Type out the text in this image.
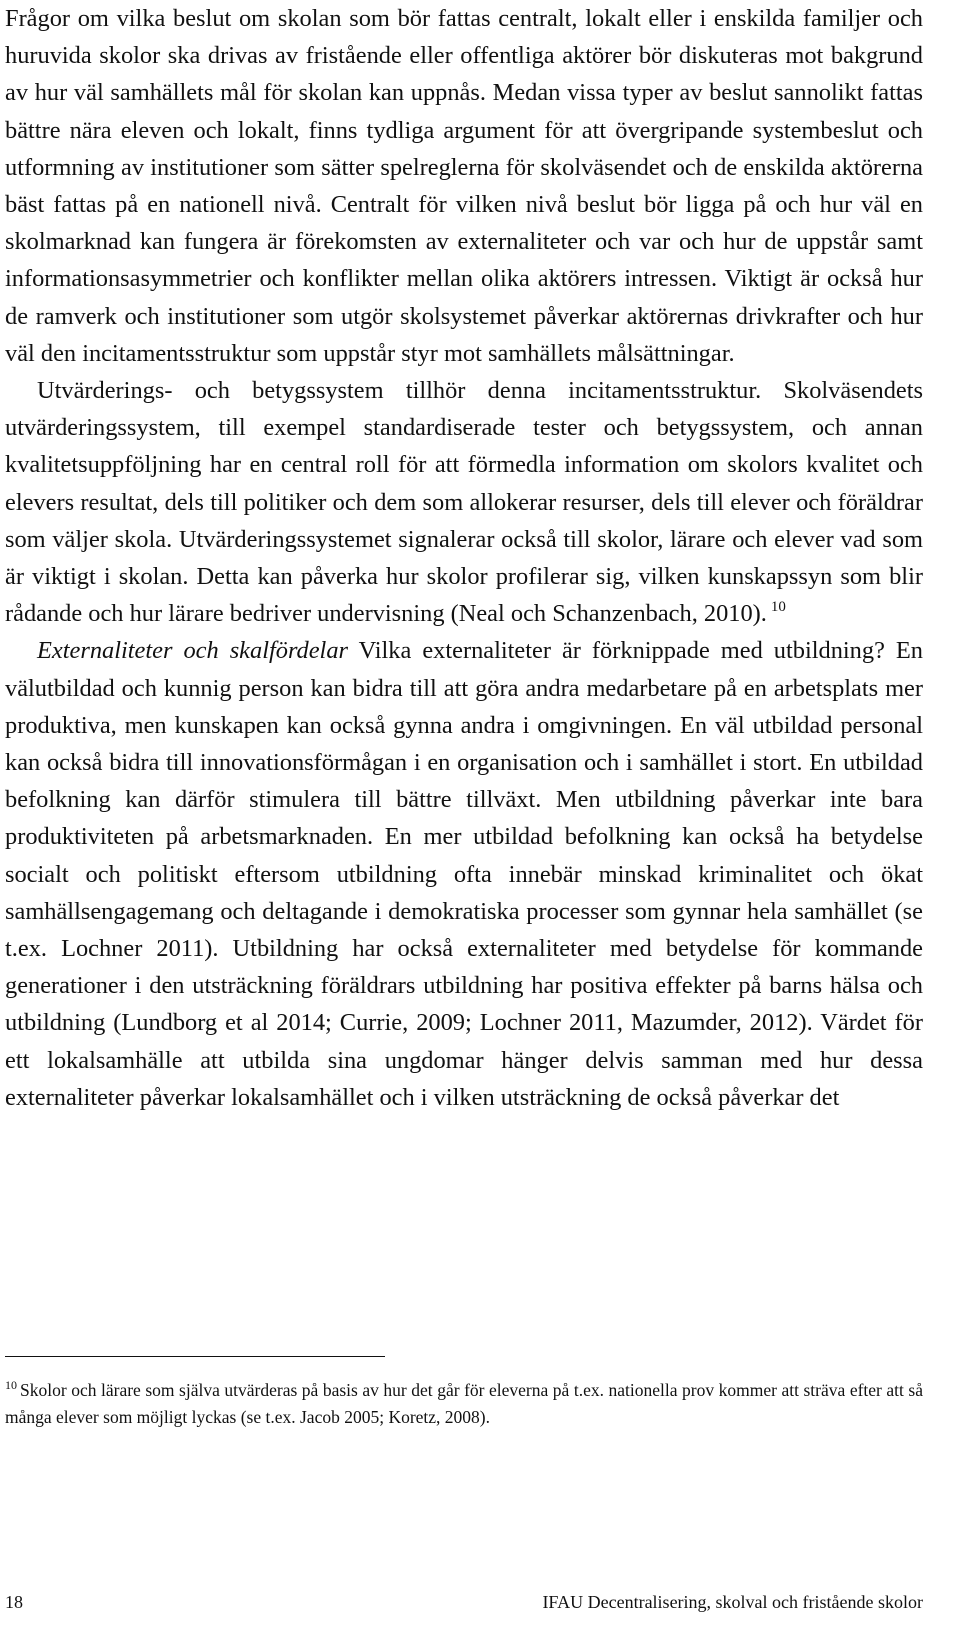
Frågor om vilka beslut om skolan som bör fattas centralt, lokalt eller i enskilda familjer och huruvida skolor ska drivas av fristående eller offentliga aktörer bör diskuteras mot bakgrund av hur väl samhällets mål för skolan kan uppnås. Medan vissa typer av beslut sannolikt fattas bättre nära eleven och lokalt, finns tydliga argument för att övergripande systembeslut och utformning av institutioner som sätter spelreglerna för skolväsendet och de enskilda aktörerna bäst fattas på en nationell nivå. Centralt för vilken nivå beslut bör ligga på och hur väl en skolmarknad kan fungera är förekomsten av externaliteter och var och hur de uppstår samt informationsasymmetrier och konflikter mellan olika aktörers intressen. Viktigt är också hur de ramverk och institutioner som utgör skolsystemet påverkar aktörernas drivkrafter och hur väl den incitamentsstruktur som uppstår styr mot samhällets målsättningar.

Utvärderings- och betygssystem tillhör denna incitamentsstruktur. Skolväsendets utvärderingssystem, till exempel standardiserade tester och betygssystem, och annan kvalitetsuppföljning har en central roll för att förmedla information om skolors kvalitet och elevers resultat, dels till politiker och dem som allokerar resurser, dels till elever och föräldrar som väljer skola. Utvärderingssystemet signalerar också till skolor, lärare och elever vad som är viktigt i skolan. Detta kan påverka hur skolor profilerar sig, vilken kunskapssyn som blir rådande och hur lärare bedriver undervisning (Neal och Schanzenbach, 2010). $^{10}$

Externaliteter och skalfördelar Vilka externaliteter är förknippade med utbildning? En välutbildad och kunnig person kan bidra till att göra andra medarbetare på en arbetsplats mer produktiva, men kunskapen kan också gynna andra i omgivningen. En väl utbildad personal kan också bidra till innovationsförmågan i en organisation och i samhället i stort. En utbildad befolkning kan därför stimulera till bättre tillväxt. Men utbildning påverkar inte bara produktiviteten på arbetsmarknaden. En mer utbildad befolkning kan också ha betydelse socialt och politiskt eftersom utbildning ofta innebär minskad kriminalitet och ökat samhällsengagemang och deltagande i demokratiska processer som gynnar hela samhället (se t.ex. Lochner 2011). Utbildning har också externaliteter med betydelse för kommande generationer i den utsträckning föräldrars utbildning har positiva effekter på barns hälsa och utbildning (Lundborg et al 2014; Currie, 2009; Lochner 2011, Mazumder, 2012). Värdet för ett lokalsamhälle att utbilda sina ungdomar hänger delvis samman med hur dessa externaliteter påverkar lokalsamhället och i vilken utsträckning de också påverkar det

$^{10}$ Skolor och lärare som själva utvärderas på basis av hur det går för eleverna på t.ex. nationella prov kommer att sträva efter att så många elever som möjligt lyckas (se t.ex. Jacob 2005; Koretz, 2008).
18	IFAU Decentralisering, skolval och fristående skolor
